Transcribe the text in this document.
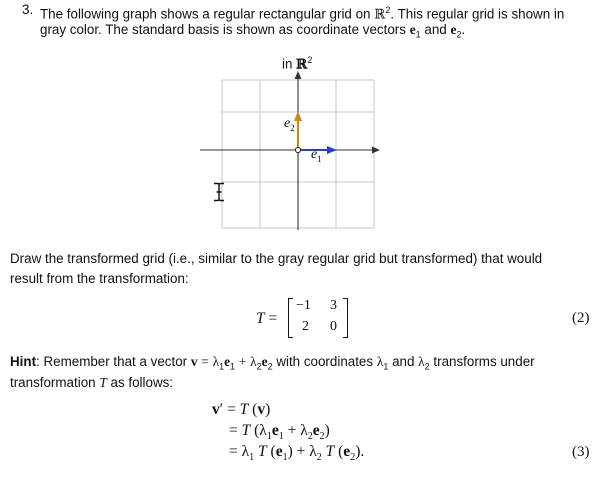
3. The following graph shows a regular rectangular grid on ℝ$^2$. This regular grid is shown in
gray color. The standard basis is shown as coordinate vectors $e_1$ and $e_2$.
in ℝ$^2$
$e_2$
$e_1$
Draw the transformed grid (i.e., similar to the gray regular grid but transformed) that would
result from the transformation:
T =
−1 3
2 0
(2)
Hint: Remember that a vector $v = \lambda_1e_1 + \lambda_2e_2$ with coordinates $\lambda_1$ and $\lambda_2$ transforms under
transformation T as follows:
v′ = T (v)
= T $(\lambda_1e_1 + \lambda_2e_2)$
= $\lambda_1$ T $(e_1) + \lambda_2$ T $(e_2)$.	(3)
